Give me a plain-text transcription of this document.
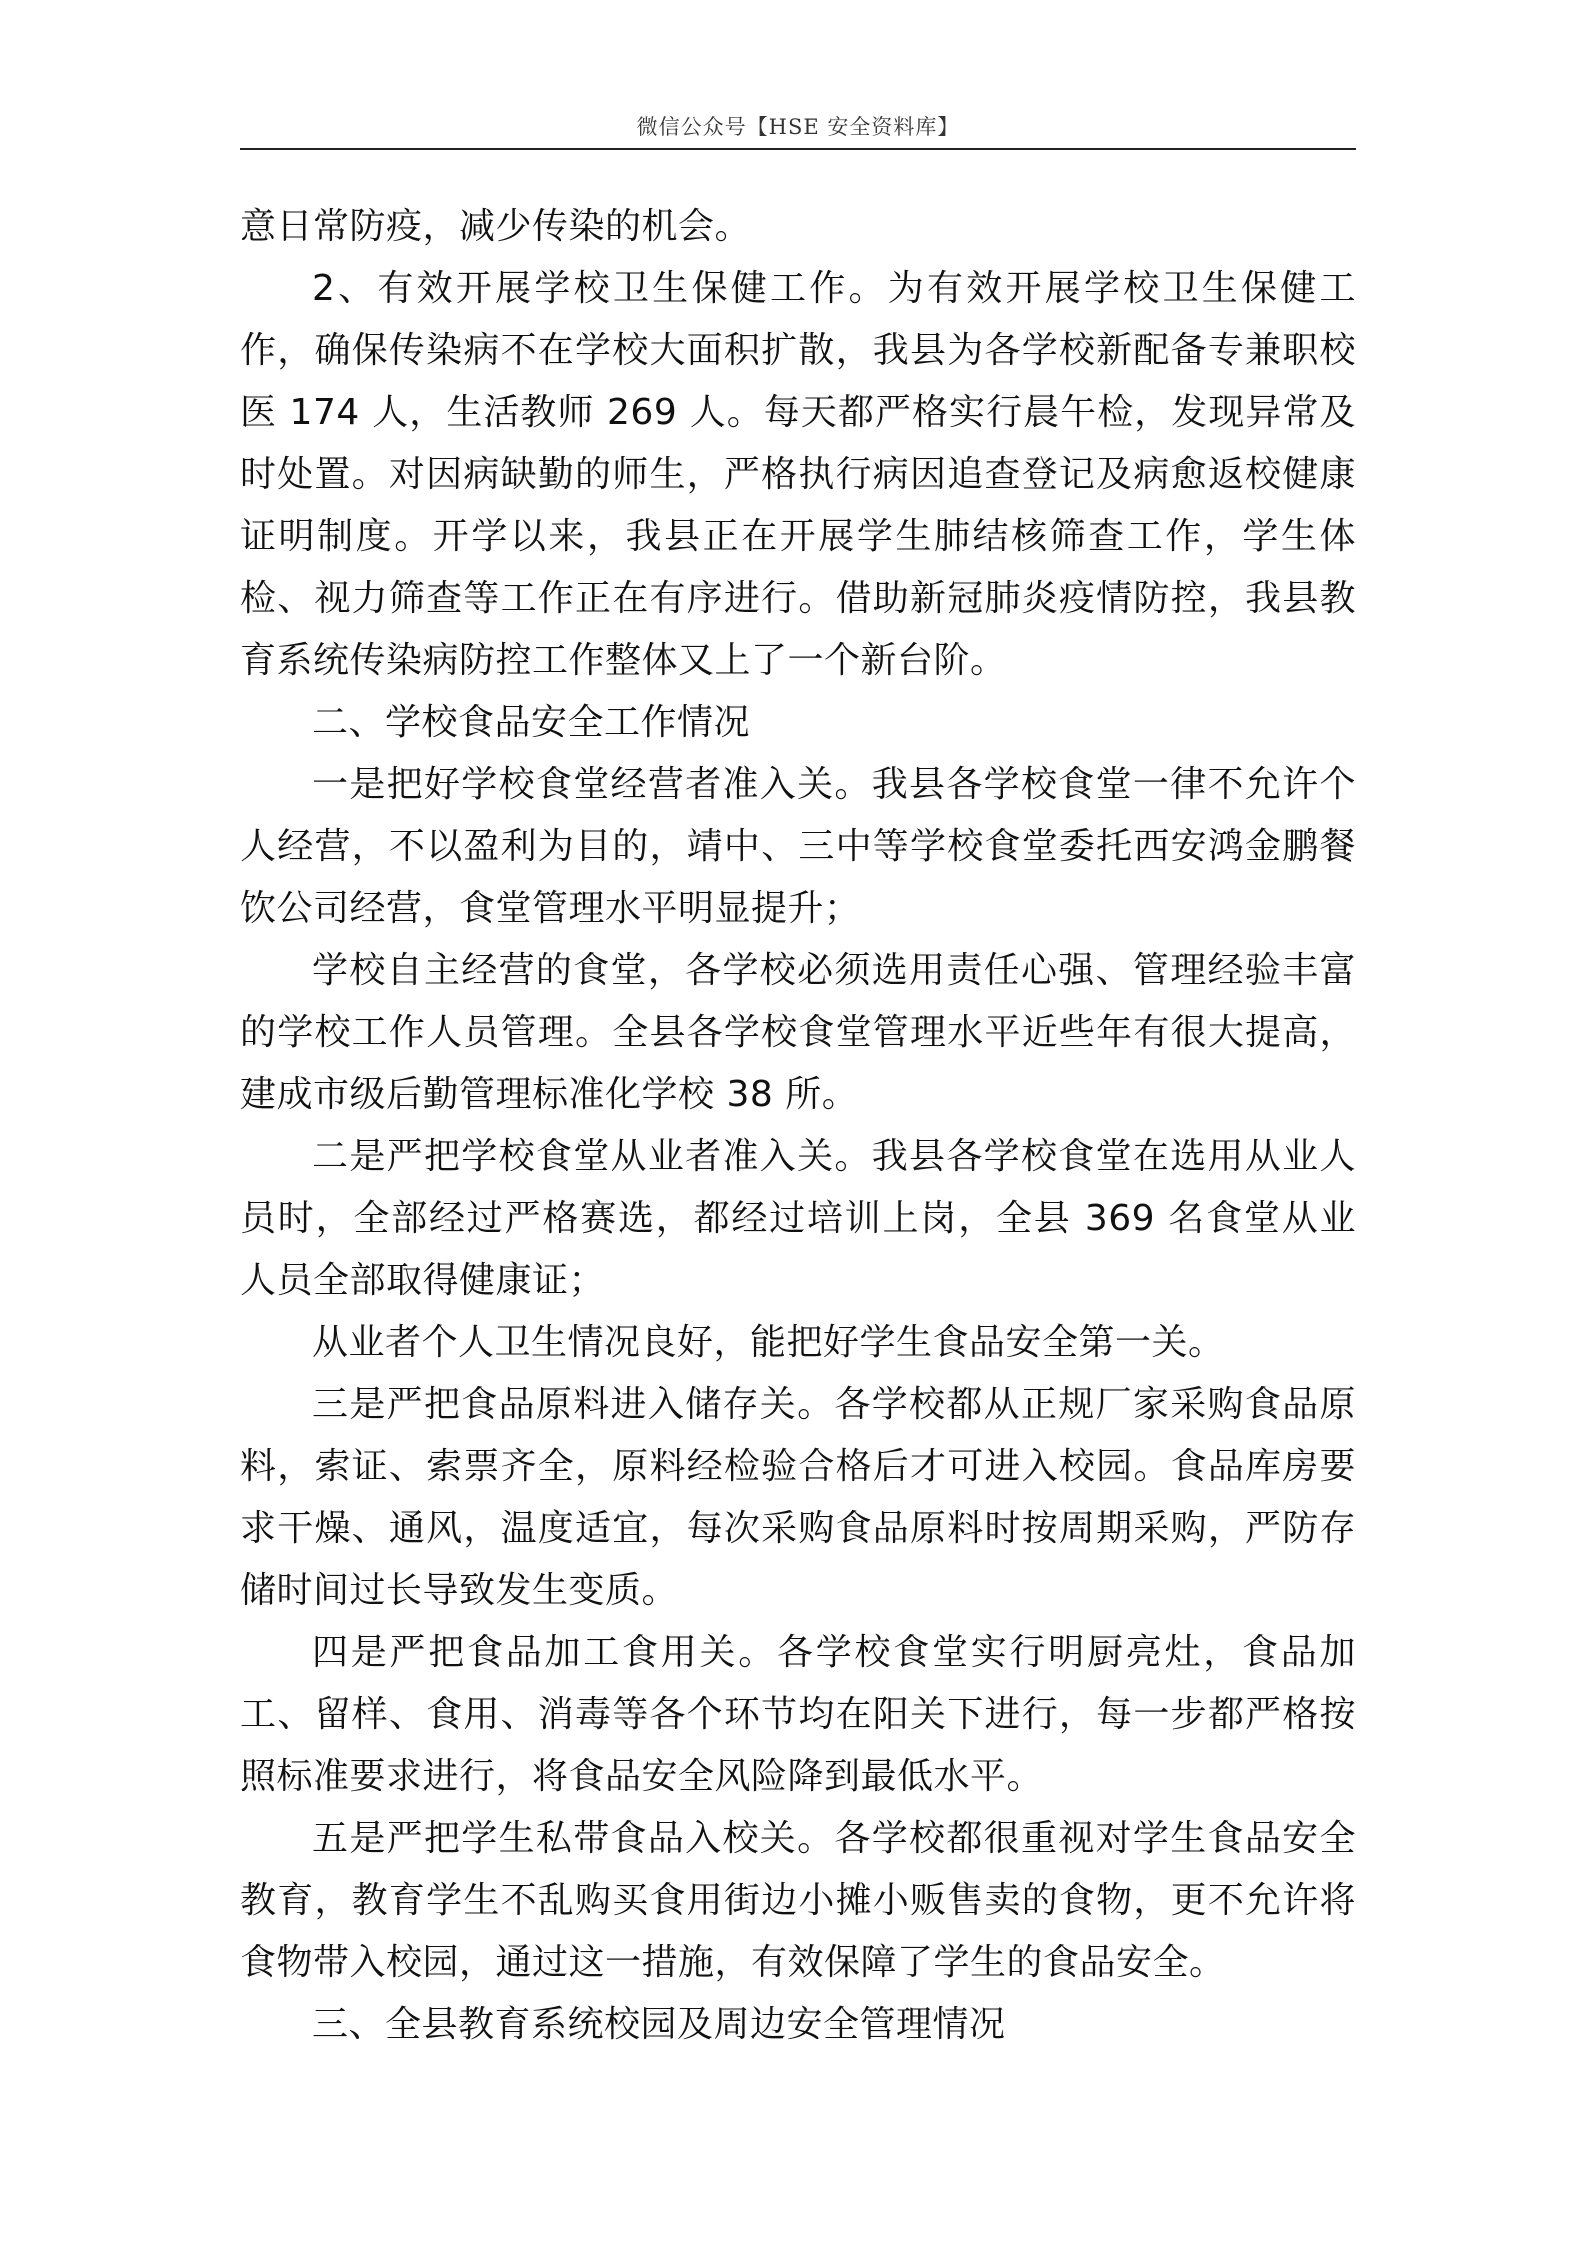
微信公众号【HSE 安全资料库】

意日常防疫，减少传染的机会。

2、有效开展学校卫生保健工作。为有效开展学校卫生保健工作，确保传染病不在学校大面积扩散，我县为各学校新配备专兼职校医 174 人，生活教师 269 人。每天都严格实行晨午检，发现异常及时处置。对因病缺勤的师生，严格执行病因追查登记及病愈返校健康证明制度。开学以来，我县正在开展学生肺结核筛查工作，学生体检、视力筛查等工作正在有序进行。借助新冠肺炎疫情防控，我县教育系统传染病防控工作整体又上了一个新台阶。

二、学校食品安全工作情况

一是把好学校食堂经营者准入关。我县各学校食堂一律不允许个人经营，不以盈利为目的，靖中、三中等学校食堂委托西安鸿金鹏餐饮公司经营，食堂管理水平明显提升；

学校自主经营的食堂，各学校必须选用责任心强、管理经验丰富的学校工作人员管理。全县各学校食堂管理水平近些年有很大提高，建成市级后勤管理标准化学校 38 所。

二是严把学校食堂从业者准入关。我县各学校食堂在选用从业人员时，全部经过严格赛选，都经过培训上岗，全县 369 名食堂从业人员全部取得健康证；

从业者个人卫生情况良好，能把好学生食品安全第一关。

三是严把食品原料进入储存关。各学校都从正规厂家采购食品原料，索证、索票齐全，原料经检验合格后才可进入校园。食品库房要求干燥、通风，温度适宜，每次采购食品原料时按周期采购，严防存储时间过长导致发生变质。

四是严把食品加工食用关。各学校食堂实行明厨亮灶，食品加工、留样、食用、消毒等各个环节均在阳关下进行，每一步都严格按照标准要求进行，将食品安全风险降到最低水平。

五是严把学生私带食品入校关。各学校都很重视对学生食品安全教育，教育学生不乱购买食用街边小摊小贩售卖的食物，更不允许将食物带入校园，通过这一措施，有效保障了学生的食品安全。

三、全县教育系统校园及周边安全管理情况
